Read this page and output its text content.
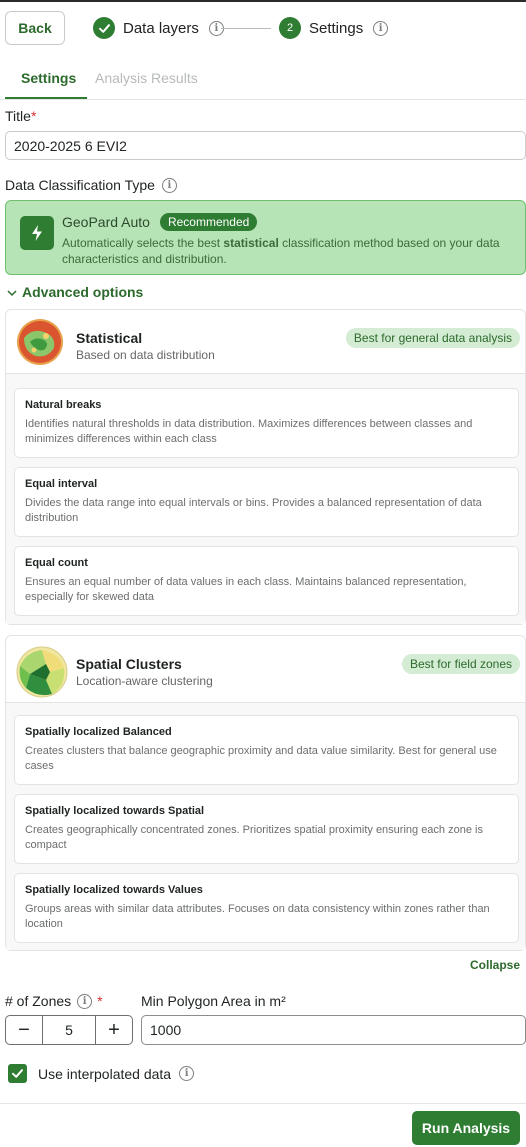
Back	Data layers	i	2	Settings	i
Settings Analysis Results
Title*
2020-2025 6 EVI2
Data Classification Type	i
GeoPard Auto	Recommended
Automatically selects the best statistical classification method based on your data characteristics and distribution.
Advanced options
Statistical
Based on data distribution
Best for general data analysis
Natural breaks
Identifies natural thresholds in data distribution. Maximizes differences between classes and minimizes differences within each class
Equal interval
Divides the data range into equal intervals or bins. Provides a balanced representation of data distribution
Equal count
Ensures an equal number of data values in each class. Maintains balanced representation, especially for skewed data
Spatial Clusters
Location-aware clustering
Best for field zones
Spatially localized Balanced
Creates clusters that balance geographic proximity and data value similarity. Best for general use cases
Spatially localized towards Spatial
Creates geographically concentrated zones. Prioritizes spatial proximity ensuring each zone is compact
Spatially localized towards Values
Groups areas with similar data attributes. Focuses on data consistency within zones rather than location
Collapse
# of Zones	i *	Min Polygon Area in m²
−	5	+	1000
Use interpolated data	i
Run Analysis
